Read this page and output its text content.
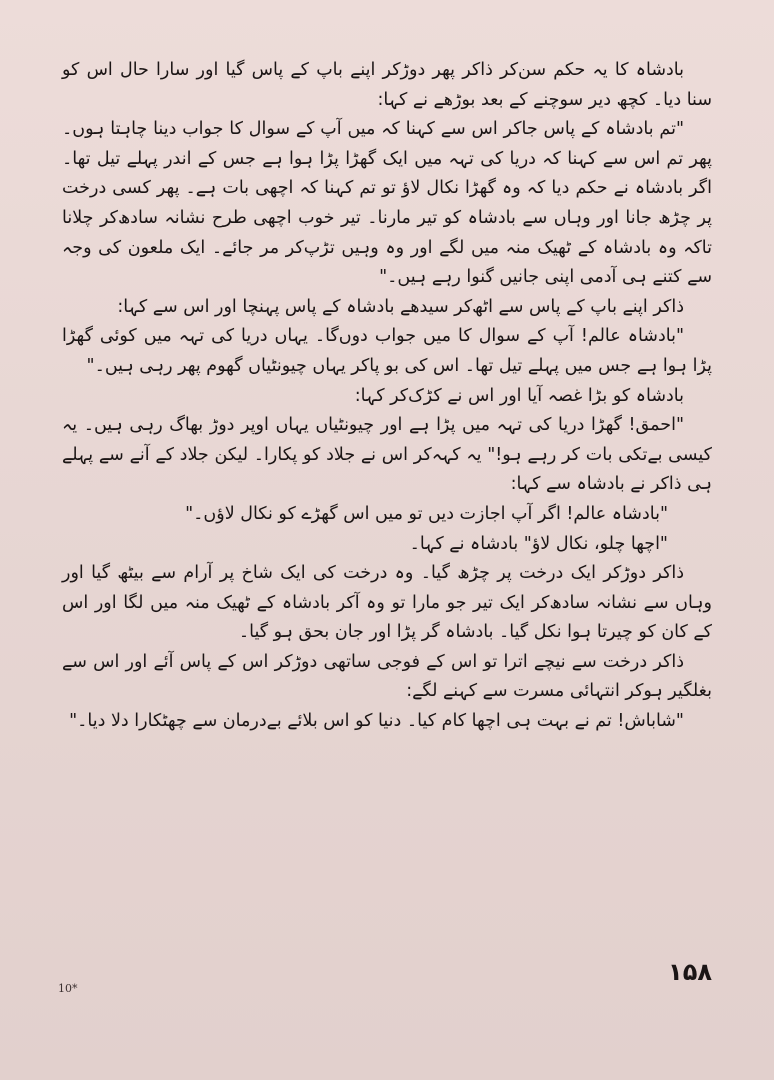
بادشاہ کا یہ حکم سن‌کر ذاکر پھر دوڑکر اپنے باپ کے پاس گیا اور سارا حال اس کو سنا دیا۔ کچھ دیر سوچنے کے بعد بوڑھے نے کہا:

"تم بادشاہ کے پاس جاکر اس سے کہنا کہ میں آپ کے سوال کا جواب دینا چاہتا ہوں۔ پھر تم اس سے کہنا کہ دریا کی تہہ میں ایک گھڑا پڑا ہوا ہے جس کے اندر پہلے تیل تھا۔ اگر بادشاہ نے حکم دیا کہ وہ گھڑا نکال لاؤ تو تم کہنا کہ اچھی بات ہے۔ پھر کسی درخت پر چڑھ جانا اور وہاں سے بادشاہ کو تیر مارنا۔ تیر خوب اچھی طرح نشانہ سادھ‌کر چلانا تاکہ وہ بادشاہ کے ٹھیک منہ میں لگے اور وہ وہیں تڑپ‌کر مر جائے۔ ایک ملعون کی وجہ سے کتنے ہی آدمی اپنی جانیں گنوا رہے ہیں۔"

ذاکر اپنے باپ کے پاس سے اٹھ‌کر سیدھے بادشاہ کے پاس پہنچا اور اس سے کہا:

"بادشاہ عالم! آپ کے سوال کا میں جواب دوں‌گا۔ یہاں دریا کی تہہ میں کوئی گھڑا پڑا ہوا ہے جس میں پہلے تیل تھا۔ اس کی بو پاکر یہاں چیونٹیاں گھوم پھر رہی ہیں۔"

بادشاہ کو بڑا غصہ آیا اور اس نے کڑک‌کر کہا:

"احمق! گھڑا دریا کی تہہ میں پڑا ہے اور چیونٹیاں یہاں اوپر دوڑ بھاگ رہی ہیں۔ یہ کیسی بےتکی بات کر رہے ہو!" یہ کہہ‌کر اس نے جلاد کو پکارا۔ لیکن جلاد کے آنے سے پہلے ہی ذاکر نے بادشاہ سے کہا:

"بادشاہ عالم! اگر آپ اجازت دیں تو میں اس گھڑے کو نکال لاؤں۔"

"اچھا چلو، نکال لاؤ" بادشاہ نے کہا۔

ذاکر دوڑکر ایک درخت پر چڑھ گیا۔ وہ درخت کی ایک شاخ پر آرام سے بیٹھ گیا اور وہاں سے نشانہ سادھ‌کر ایک تیر جو مارا تو وہ آکر بادشاہ کے ٹھیک منہ میں لگا اور اس کے کان کو چیرتا ہوا نکل گیا۔ بادشاہ گر پڑا اور جان بحق ہو گیا۔

ذاکر درخت سے نیچے اترا تو اس کے فوجی ساتھی دوڑکر اس کے پاس آئے اور اس سے بغلگیر ہوکر انتہائی مسرت سے کہنے لگے:

"شاباش! تم نے بہت ہی اچھا کام کیا۔ دنیا کو اس بلائے بےدرمان سے چھٹکارا دلا دیا۔"

۱۵۸
10*
